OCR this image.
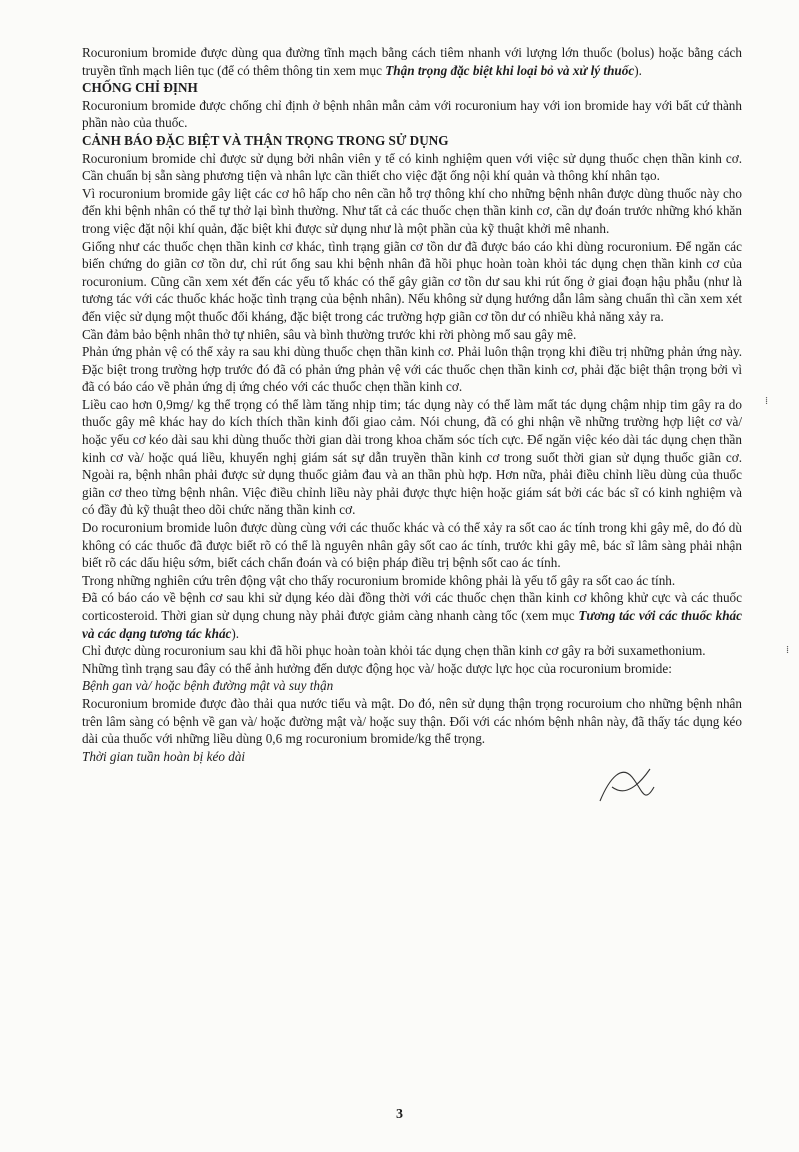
Rocuronium bromide được dùng qua đường tĩnh mạch bằng cách tiêm nhanh với lượng lớn thuốc (bolus) hoặc bằng cách truyền tĩnh mạch liên tục (để có thêm thông tin xem mục Thận trọng đặc biệt khi loại bỏ và xử lý thuốc).

CHỐNG CHỈ ĐỊNH

Rocuronium bromide được chống chỉ định ở bệnh nhân mẫn cảm với rocuronium hay với ion bromide hay với bất cứ thành phần nào của thuốc.

CẢNH BÁO ĐẶC BIỆT VÀ THẬN TRỌNG TRONG SỬ DỤNG

Rocuronium bromide chỉ được sử dụng bởi nhân viên y tế có kinh nghiệm quen với việc sử dụng thuốc chẹn thần kinh cơ. Cần chuẩn bị sẵn sàng phương tiện và nhân lực cần thiết cho việc đặt ống nội khí quản và thông khí nhân tạo.

Vì rocuronium bromide gây liệt các cơ hô hấp cho nên cần hỗ trợ thông khí cho những bệnh nhân được dùng thuốc này cho đến khi bệnh nhân có thể tự thở lại bình thường. Như tất cả các thuốc chẹn thần kinh cơ, cần dự đoán trước những khó khăn trong việc đặt nội khí quản, đặc biệt khi được sử dụng như là một phần của kỹ thuật khởi mê nhanh.

Giống như các thuốc chẹn thần kinh cơ khác, tình trạng giãn cơ tồn dư đã được báo cáo khi dùng rocuronium. Để ngăn các biến chứng do giãn cơ tồn dư, chỉ rút ống sau khi bệnh nhân đã hồi phục hoàn toàn khỏi tác dụng chẹn thần kinh cơ của rocuronium. Cũng cần xem xét đến các yếu tố khác có thể gây giãn cơ tồn dư sau khi rút ống ở giai đoạn hậu phẫu (như là tương tác với các thuốc khác hoặc tình trạng của bệnh nhân). Nếu không sử dụng hướng dẫn lâm sàng chuẩn thì cần xem xét đến việc sử dụng một thuốc đối kháng, đặc biệt trong các trường hợp giãn cơ tồn dư có nhiều khả năng xảy ra.

Cần đảm bảo bệnh nhân thở tự nhiên, sâu và bình thường trước khi rời phòng mổ sau gây mê.

Phản ứng phản vệ có thể xảy ra sau khi dùng thuốc chẹn thần kinh cơ. Phải luôn thận trọng khi điều trị những phản ứng này. Đặc biệt trong trường hợp trước đó đã có phản ứng phản vệ với các thuốc chẹn thần kinh cơ, phải đặc biệt thận trọng bởi vì đã có báo cáo về phản ứng dị ứng chéo với các thuốc chẹn thần kinh cơ.

Liều cao hơn 0,9mg/ kg thể trọng có thể làm tăng nhịp tim; tác dụng này có thể làm mất tác dụng chậm nhịp tim gây ra do thuốc gây mê khác hay do kích thích thần kinh đối giao cảm. Nói chung, đã có ghi nhận về những trường hợp liệt cơ và/ hoặc yếu cơ kéo dài sau khi dùng thuốc thời gian dài trong khoa chăm sóc tích cực. Để ngăn việc kéo dài tác dụng chẹn thần kinh cơ và/ hoặc quá liều, khuyến nghị giám sát sự dẫn truyền thần kinh cơ trong suốt thời gian sử dụng thuốc giãn cơ. Ngoài ra, bệnh nhân phải được sử dụng thuốc giảm đau và an thần phù hợp. Hơn nữa, phải điều chỉnh liều dùng của thuốc giãn cơ theo từng bệnh nhân. Việc điều chỉnh liều này phải được thực hiện hoặc giám sát bởi các bác sĩ có kinh nghiệm và có đầy đủ kỹ thuật theo dõi chức năng thần kinh cơ.

Do rocuronium bromide luôn được dùng cùng với các thuốc khác và có thể xảy ra sốt cao ác tính trong khi gây mê, do đó dù không có các thuốc đã được biết rõ có thể là nguyên nhân gây sốt cao ác tính, trước khi gây mê, bác sĩ lâm sàng phải nhận biết rõ các dấu hiệu sớm, biết cách chẩn đoán và có biện pháp điều trị bệnh sốt cao ác tính.

Trong những nghiên cứu trên động vật cho thấy rocuronium bromide không phải là yếu tố gây ra sốt cao ác tính.

Đã có báo cáo về bệnh cơ sau khi sử dụng kéo dài đồng thời với các thuốc chẹn thần kinh cơ không khử cực và các thuốc corticosteroid. Thời gian sử dụng chung này phải được giảm càng nhanh càng tốc (xem mục Tương tác với các thuốc khác và các dạng tương tác khác).

Chỉ được dùng rocuronium sau khi đã hồi phục hoàn toàn khỏi tác dụng chẹn thần kinh cơ gây ra bởi suxamethonium.

Những tình trạng sau đây có thể ảnh hưởng đến dược động học và/ hoặc dược lực học của rocuronium bromide:

Bệnh gan và/ hoặc bệnh đường mật và suy thận

Rocuronium bromide được đào thải qua nước tiểu và mật. Do đó, nên sử dụng thận trọng rocuroium cho những bệnh nhân trên lâm sàng có bệnh về gan và/ hoặc đường mật và/ hoặc suy thận. Đối với các nhóm bệnh nhân này, đã thấy tác dụng kéo dài của thuốc với những liều dùng 0,6 mg rocuronium bromide/kg thể trọng.

Thời gian tuần hoàn bị kéo dài

⁞
⁞
3
